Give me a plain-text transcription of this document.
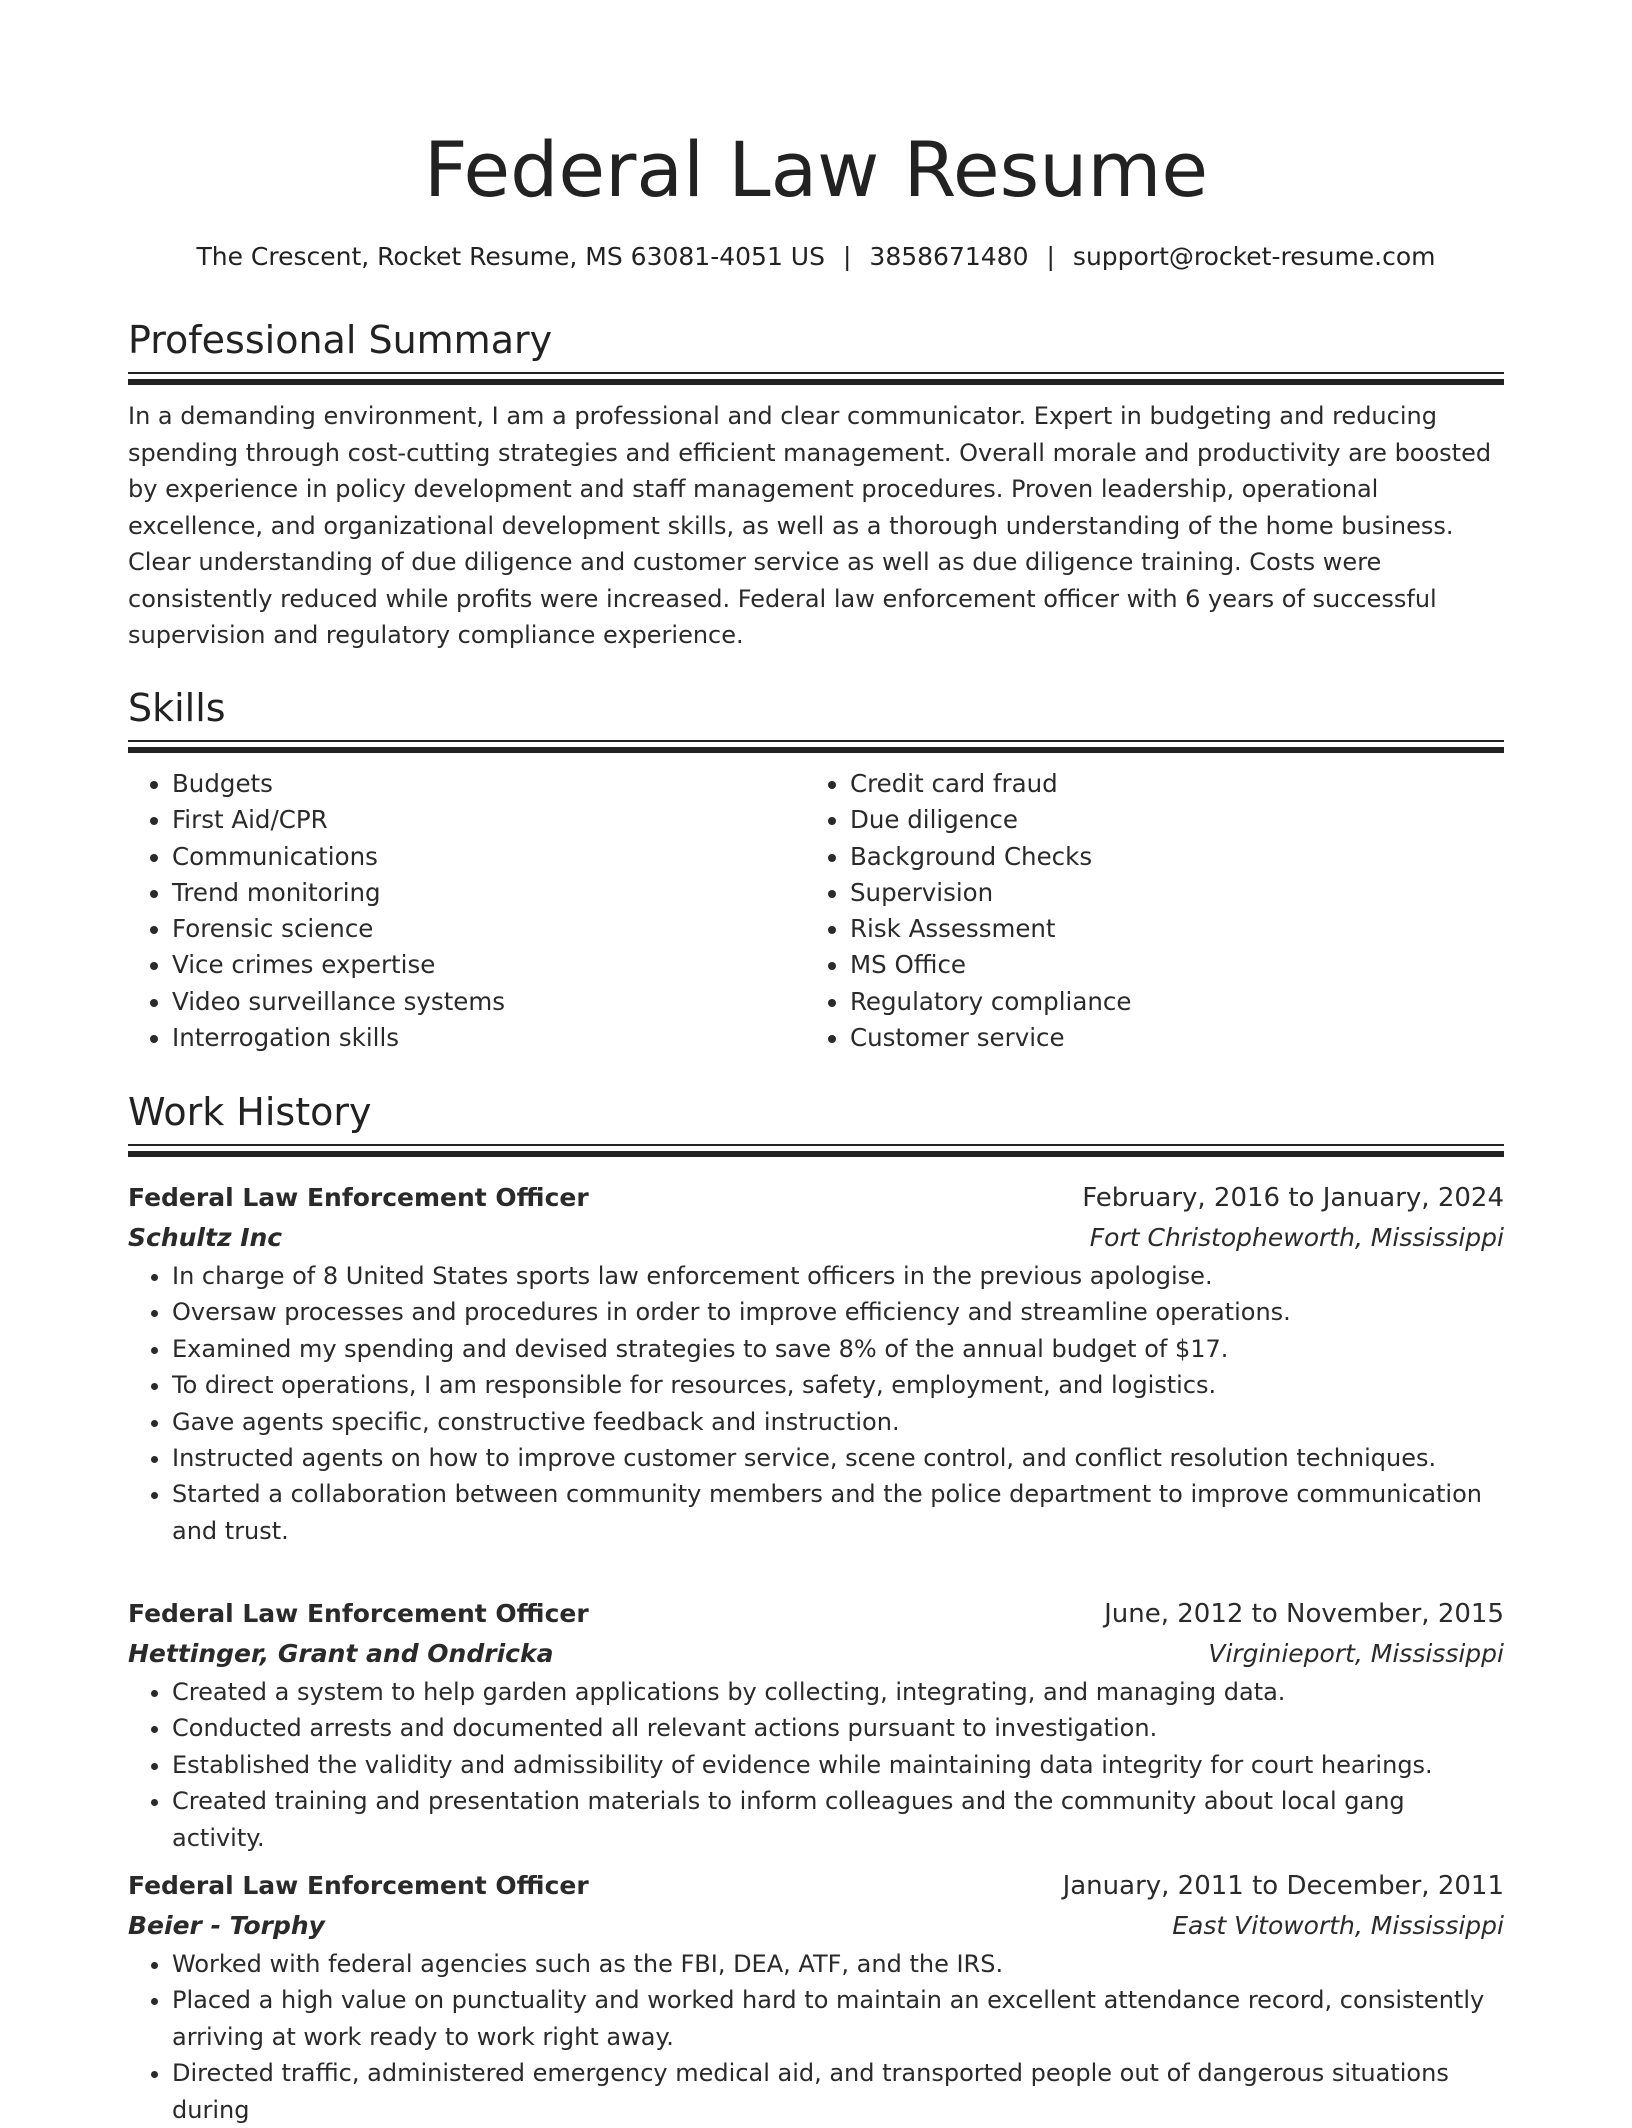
Federal Law Resume
The Crescent, Rocket Resume, MS 63081-4051 US | 3858671480 | support@rocket-resume.com
Professional Summary

In a demanding environment, I am a professional and clear communicator. Expert in budgeting and reducing spending through cost-cutting strategies and efficient management. Overall morale and productivity are boosted by experience in policy development and staff management procedures. Proven leadership, operational excellence, and organizational development skills, as well as a thorough understanding of the home business. Clear understanding of due diligence and customer service as well as due diligence training. Costs were consistently reduced while profits were increased. Federal law enforcement officer with 6 years of successful supervision and regulatory compliance experience.

Skills
• Budgets
• First Aid/CPR
• Communications
• Trend monitoring
• Forensic science
• Vice crimes expertise
• Video surveillance systems
• Interrogation skills
• Credit card fraud
• Due diligence
• Background Checks
• Supervision
• Risk Assessment
• MS Office
• Regulatory compliance
• Customer service
Work History
Federal Law Enforcement Officer	February, 2016 to January, 2024
Schultz Inc	Fort Christopheworth, Mississippi
• In charge of 8 United States sports law enforcement officers in the previous apologise.
• Oversaw processes and procedures in order to improve efficiency and streamline operations.
• Examined my spending and devised strategies to save 8% of the annual budget of $17.
• To direct operations, I am responsible for resources, safety, employment, and logistics.
• Gave agents specific, constructive feedback and instruction.
• Instructed agents on how to improve customer service, scene control, and conflict resolution techniques.
• Started a collaboration between community members and the police department to improve communication and trust.
Federal Law Enforcement Officer	June, 2012 to November, 2015
Hettinger, Grant and Ondricka	Virginieport, Mississippi
• Created a system to help garden applications by collecting, integrating, and managing data.
• Conducted arrests and documented all relevant actions pursuant to investigation.
• Established the validity and admissibility of evidence while maintaining data integrity for court hearings.
• Created training and presentation materials to inform colleagues and the community about local gang activity.
Federal Law Enforcement Officer	January, 2011 to December, 2011
Beier - Torphy	East Vitoworth, Mississippi
• Worked with federal agencies such as the FBI, DEA, ATF, and the IRS.
• Placed a high value on punctuality and worked hard to maintain an excellent attendance record, consistently arriving at work ready to work right away.
• Directed traffic, administered emergency medical aid, and transported people out of dangerous situations during
